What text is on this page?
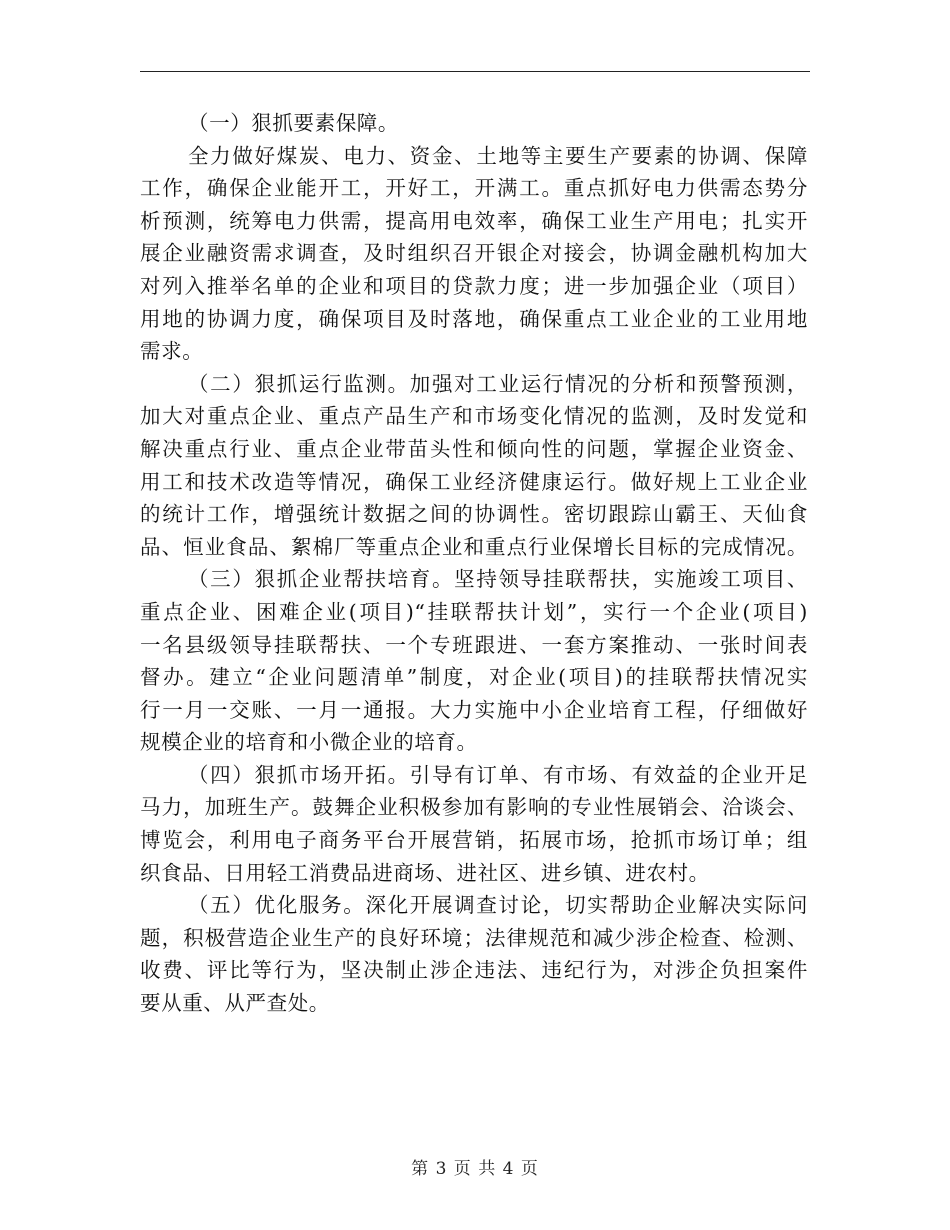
（一）狠抓要素保障。
全力做好煤炭、电力、资金、土地等主要生产要素的协调、保障
工作，确保企业能开工，开好工，开满工。重点抓好电力供需态势分
析预测，统筹电力供需，提高用电效率，确保工业生产用电；扎实开
展企业融资需求调查，及时组织召开银企对接会，协调金融机构加大
对列入推举名单的企业和项目的贷款力度；进一步加强企业（项目）
用地的协调力度，确保项目及时落地，确保重点工业企业的工业用地
需求。
（二）狠抓运行监测。加强对工业运行情况的分析和预警预测，
加大对重点企业、重点产品生产和市场变化情况的监测，及时发觉和
解决重点行业、重点企业带苗头性和倾向性的问题，掌握企业资金、
用工和技术改造等情况，确保工业经济健康运行。做好规上工业企业
的统计工作，增强统计数据之间的协调性。密切跟踪山霸王、天仙食
品、恒业食品、絮棉厂等重点企业和重点行业保增长目标的完成情况。
（三）狠抓企业帮扶培育。坚持领导挂联帮扶，实施竣工项目、
重点企业、困难企业(项目)“挂联帮扶计划”，实行一个企业(项目)
一名县级领导挂联帮扶、一个专班跟进、一套方案推动、一张时间表
督办。建立“企业问题清单”制度，对企业(项目)的挂联帮扶情况实
行一月一交账、一月一通报。大力实施中小企业培育工程，仔细做好
规模企业的培育和小微企业的培育。
（四）狠抓市场开拓。引导有订单、有市场、有效益的企业开足
马力，加班生产。鼓舞企业积极参加有影响的专业性展销会、洽谈会、
博览会，利用电子商务平台开展营销，拓展市场，抢抓市场订单；组
织食品、日用轻工消费品进商场、进社区、进乡镇、进农村。
（五）优化服务。深化开展调查讨论，切实帮助企业解决实际问
题，积极营造企业生产的良好环境；法律规范和减少涉企检查、检测、
收费、评比等行为，坚决制止涉企违法、违纪行为，对涉企负担案件
要从重、从严查处。
第 3 页 共 4 页
